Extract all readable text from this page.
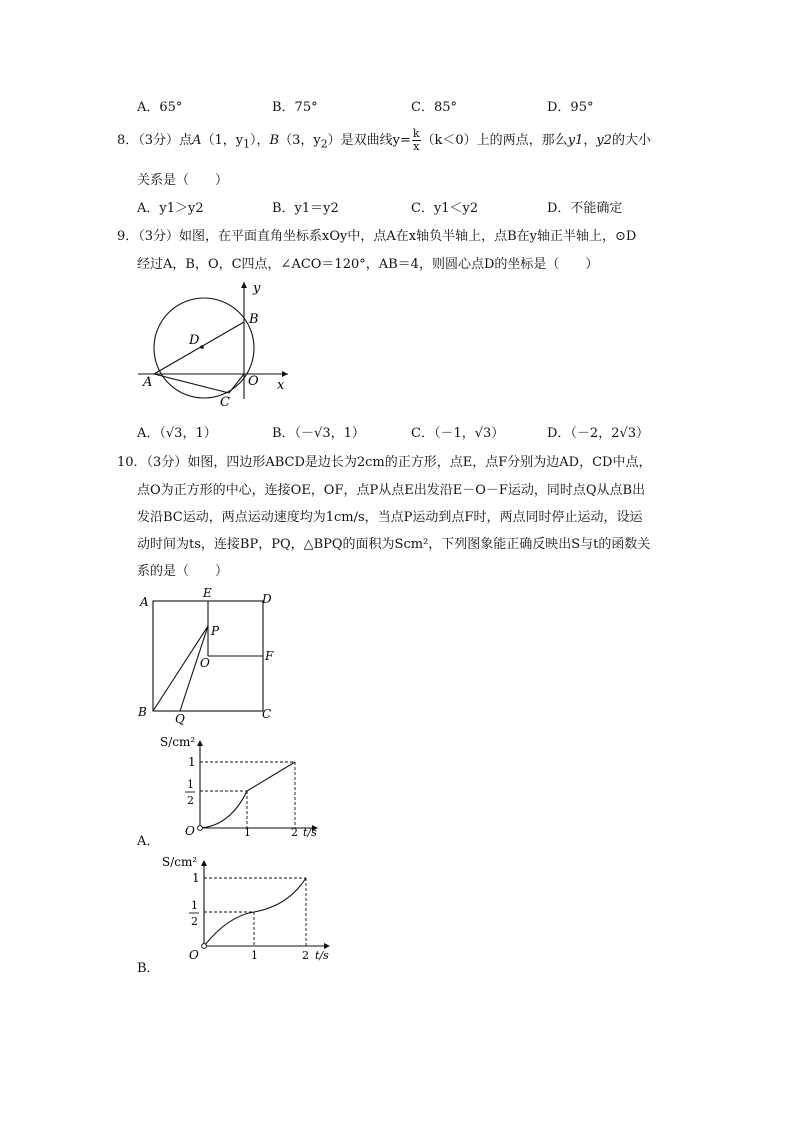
A．65°	B．75°	C．85°	D．95°
8．（3分）点A（1，$y_1$），B（3，$y_2$）是双曲线$y= \frac{k}{x} (k<0)$上的两点，那么y1，y2的大小
关系是（　　）
A．y1＞y2	B．y1＝y2	C．y1＜y2	D．不能确定
9．（3分）如图，在平面直角坐标系xOy中，点A在x轴负半轴上，点B在y轴正半轴上，⊙D
经过A，B，O，C四点，∠ACO＝120°，AB＝4，则圆心点D的坐标是（　　）
y
x
B
D
A	O
C
A．（√3，1）	B．（－√3，1）	C．（－1，√3）	D．（－2，2√3）
10．（3分）如图，四边形ABCD是边长为2cm的正方形，点E，点F分别为边AD，CD中点，
点O为正方形的中心，连接OE，OF，点P从点E出发沿E－O－F运动，同时点Q从点B出
发沿BC运动，两点运动速度均为1cm/s，当点P运动到点F时，两点同时停止运动，设运
动时间为ts，连接BP，PQ，△BPQ的面积为Scm²，下列图象能正确反映出S与t的函数关
系的是（　　）
A
E	D
P
O	F
B Q	C
A．
S/cm²
1
1
2
O	1	2 t/s
B．
S/cm²
1
1
2
O	1	2 t/s
